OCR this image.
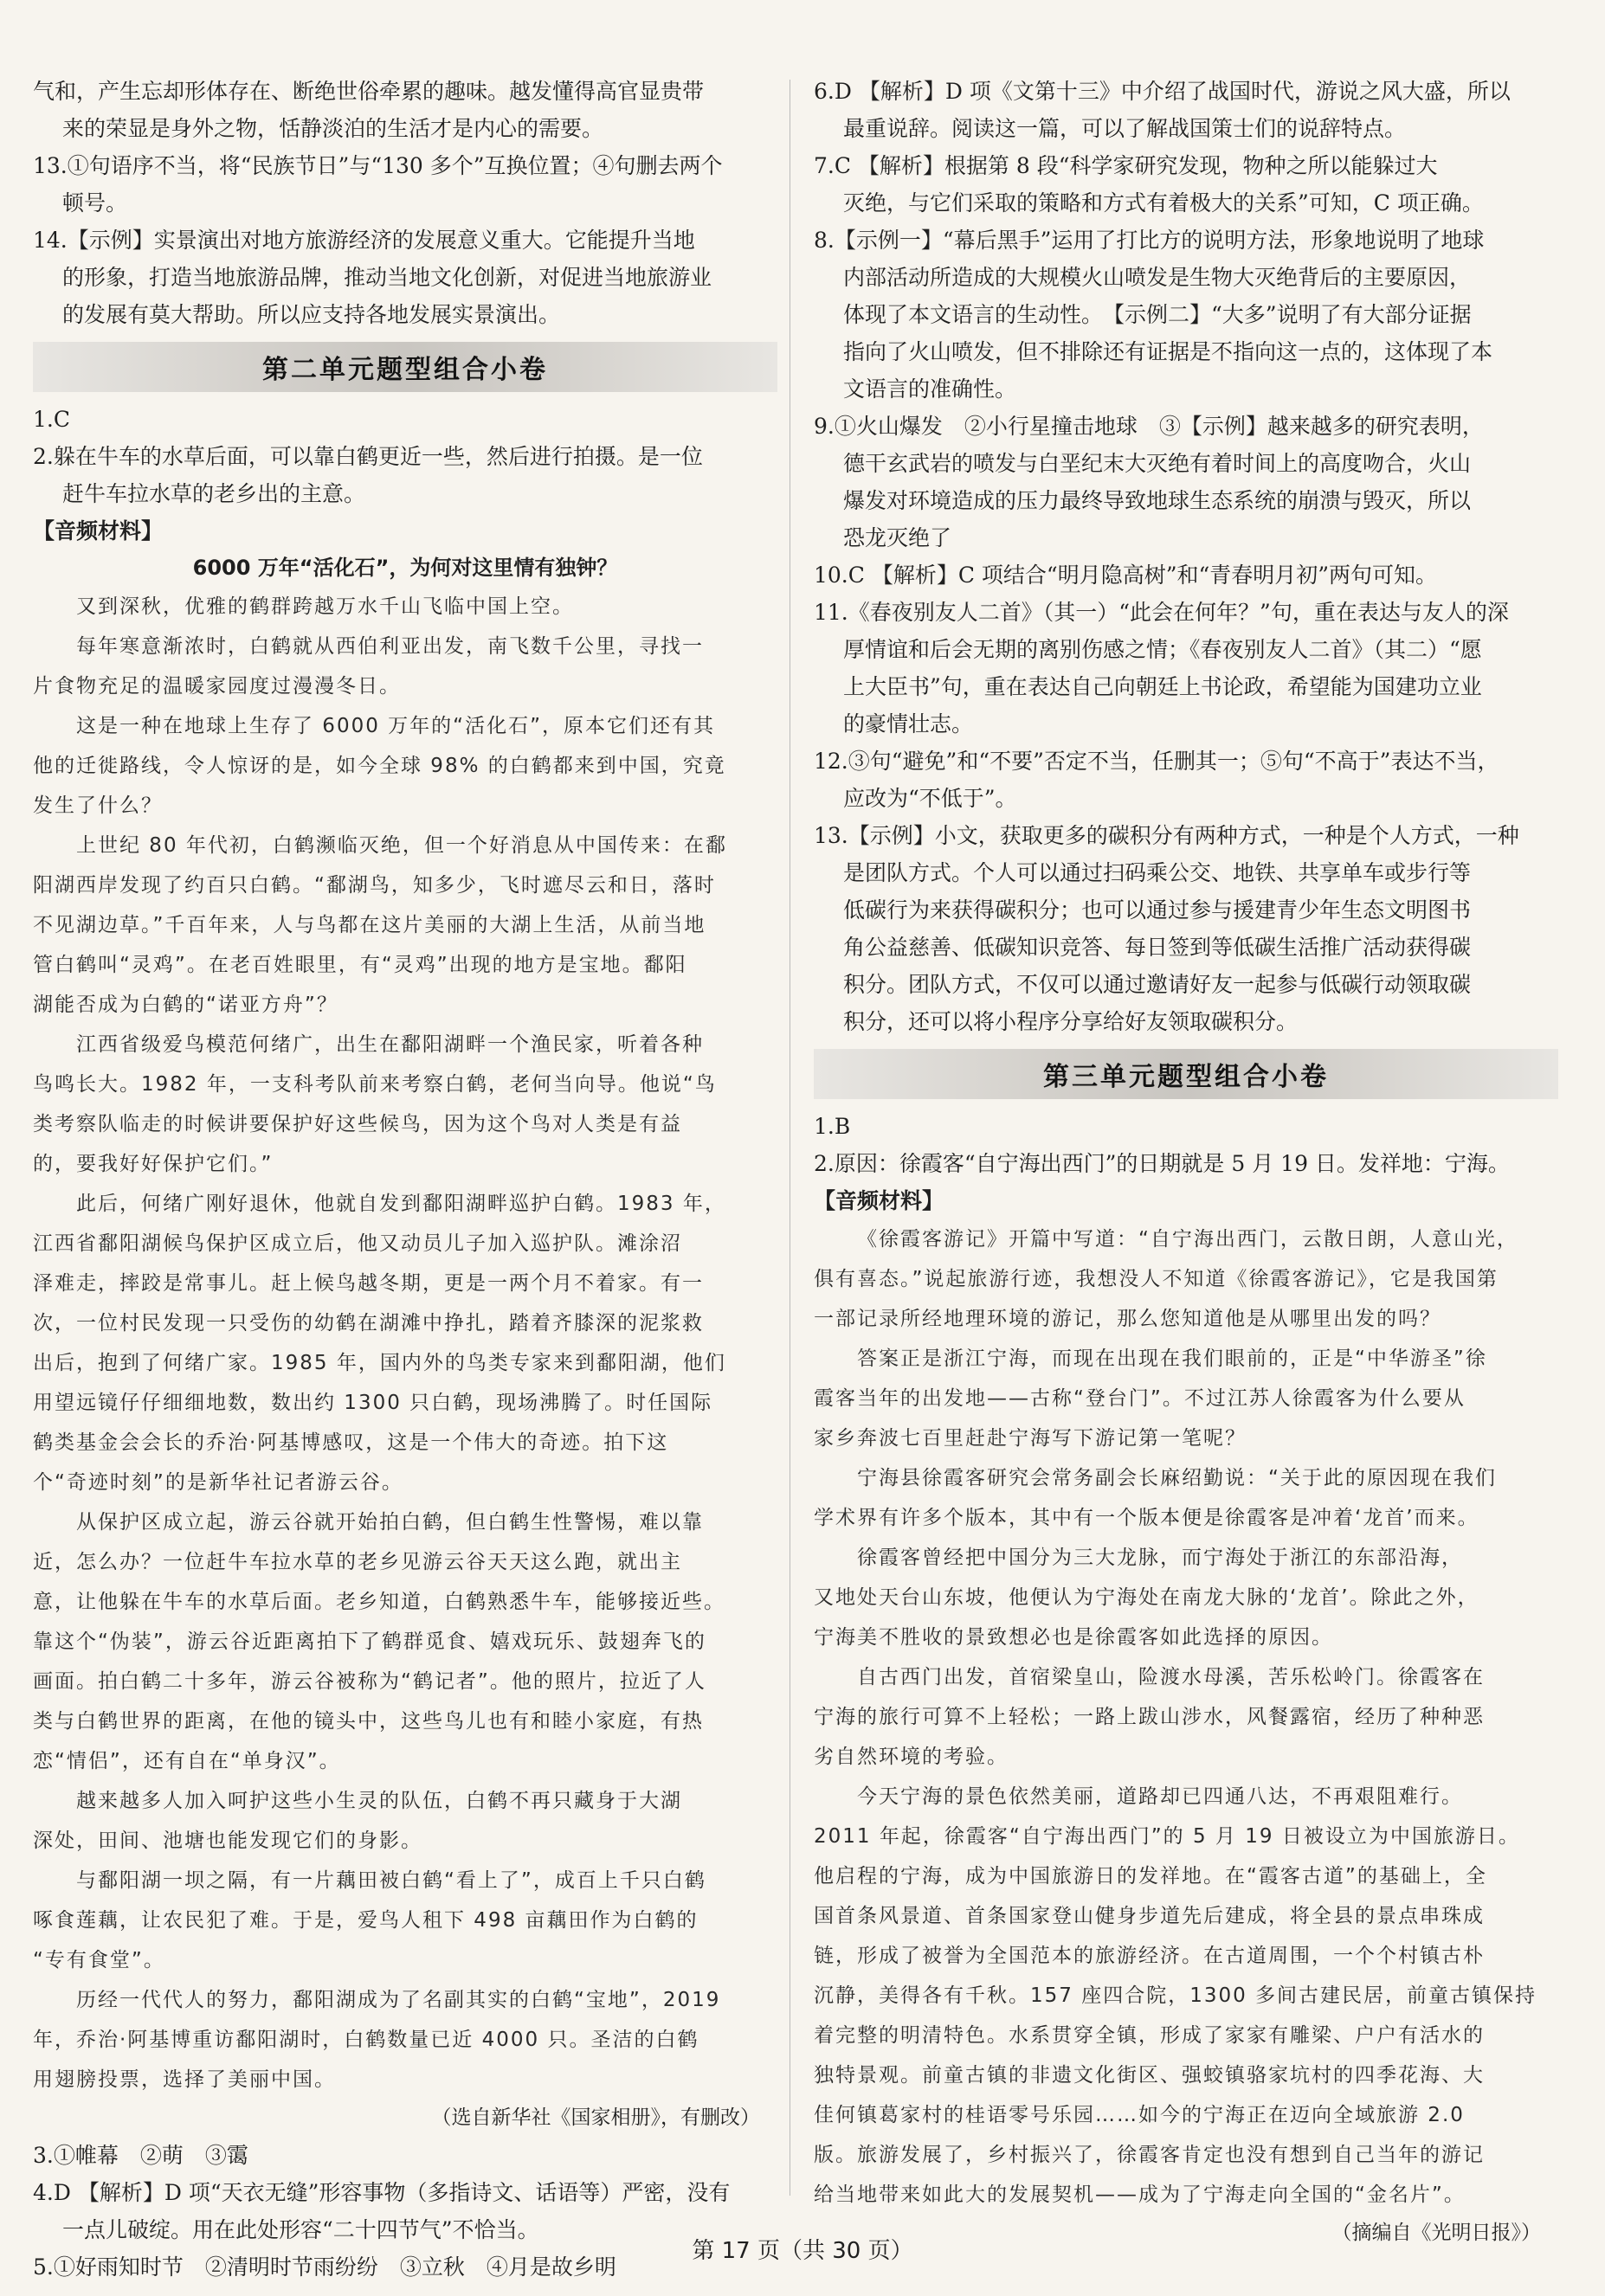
气和，产生忘却形体存在、断绝世俗牵累的趣味。越发懂得高官显贵带
来的荣显是身外之物，恬静淡泊的生活才是内心的需要。
13.①句语序不当，将“民族节日”与“130 多个”互换位置；④句删去两个
顿号。
14.【示例】实景演出对地方旅游经济的发展意义重大。它能提升当地
的形象，打造当地旅游品牌，推动当地文化创新，对促进当地旅游业
的发展有莫大帮助。所以应支持各地发展实景演出。
第二单元题型组合小卷
1.C
2.躲在牛车的水草后面，可以靠白鹤更近一些，然后进行拍摄。是一位
赶牛车拉水草的老乡出的主意。
【音频材料】
6000 万年“活化石”，为何对这里情有独钟？
又到深秋，优雅的鹤群跨越万水千山飞临中国上空。
每年寒意渐浓时，白鹤就从西伯利亚出发，南飞数千公里，寻找一
片食物充足的温暖家园度过漫漫冬日。
这是一种在地球上生存了 6000 万年的“活化石”，原本它们还有其
他的迁徙路线，令人惊讶的是，如今全球 98% 的白鹤都来到中国，究竟
发生了什么？
上世纪 80 年代初，白鹤濒临灭绝，但一个好消息从中国传来：在鄱
阳湖西岸发现了约百只白鹤。“鄱湖鸟，知多少，飞时遮尽云和日，落时
不见湖边草。”千百年来，人与鸟都在这片美丽的大湖上生活，从前当地
管白鹤叫“灵鸡”。在老百姓眼里，有“灵鸡”出现的地方是宝地。鄱阳
湖能否成为白鹤的“诺亚方舟”？
江西省级爱鸟模范何绪广，出生在鄱阳湖畔一个渔民家，听着各种
鸟鸣长大。1982 年，一支科考队前来考察白鹤，老何当向导。他说“鸟
类考察队临走的时候讲要保护好这些候鸟，因为这个鸟对人类是有益
的，要我好好保护它们。”
此后，何绪广刚好退休，他就自发到鄱阳湖畔巡护白鹤。1983 年，
江西省鄱阳湖候鸟保护区成立后，他又动员儿子加入巡护队。滩涂沼
泽难走，摔跤是常事儿。赶上候鸟越冬期，更是一两个月不着家。有一
次，一位村民发现一只受伤的幼鹤在湖滩中挣扎，踏着齐膝深的泥浆救
出后，抱到了何绪广家。1985 年，国内外的鸟类专家来到鄱阳湖，他们
用望远镜仔仔细细地数，数出约 1300 只白鹤，现场沸腾了。时任国际
鹤类基金会会长的乔治·阿基博感叹，这是一个伟大的奇迹。拍下这
个“奇迹时刻”的是新华社记者游云谷。
从保护区成立起，游云谷就开始拍白鹤，但白鹤生性警惕，难以靠
近，怎么办？一位赶牛车拉水草的老乡见游云谷天天这么跑，就出主
意，让他躲在牛车的水草后面。老乡知道，白鹤熟悉牛车，能够接近些。
靠这个“伪装”，游云谷近距离拍下了鹤群觅食、嬉戏玩乐、鼓翅奔飞的
画面。拍白鹤二十多年，游云谷被称为“鹤记者”。他的照片，拉近了人
类与白鹤世界的距离，在他的镜头中，这些鸟儿也有和睦小家庭，有热
恋“情侣”，还有自在“单身汉”。
越来越多人加入呵护这些小生灵的队伍，白鹤不再只藏身于大湖
深处，田间、池塘也能发现它们的身影。
与鄱阳湖一坝之隔，有一片藕田被白鹤“看上了”，成百上千只白鹤
啄食莲藕，让农民犯了难。于是，爱鸟人租下 498 亩藕田作为白鹤的
“专有食堂”。
历经一代代人的努力，鄱阳湖成为了名副其实的白鹤“宝地”，2019
年，乔治·阿基博重访鄱阳湖时，白鹤数量已近 4000 只。圣洁的白鹤
用翅膀投票，选择了美丽中国。
（选自新华社《国家相册》，有删改）
3.①帷幕　②萌　③霭
4.D 【解析】D 项“天衣无缝”形容事物（多指诗文、话语等）严密，没有
一点儿破绽。用在此处形容“二十四节气”不恰当。
5.①好雨知时节　②清明时节雨纷纷　③立秋　④月是故乡明
6.D 【解析】D 项《文第十三》中介绍了战国时代，游说之风大盛，所以
最重说辞。阅读这一篇，可以了解战国策士们的说辞特点。
7.C 【解析】根据第 8 段“科学家研究发现，物种之所以能躲过大
灭绝，与它们采取的策略和方式有着极大的关系”可知，C 项正确。
8.【示例一】“幕后黑手”运用了打比方的说明方法，形象地说明了地球
内部活动所造成的大规模火山喷发是生物大灭绝背后的主要原因，
体现了本文语言的生动性。　【示例二】“大多”说明了有大部分证据
指向了火山喷发，但不排除还有证据是不指向这一点的，这体现了本
文语言的准确性。
9.①火山爆发　②小行星撞击地球　③【示例】越来越多的研究表明，
德干玄武岩的喷发与白垩纪末大灭绝有着时间上的高度吻合，火山
爆发对环境造成的压力最终导致地球生态系统的崩溃与毁灭，所以
恐龙灭绝了
10.C 【解析】C 项结合“明月隐高树”和“青春明月初”两句可知。
11.《春夜别友人二首》（其一）“此会在何年？”句，重在表达与友人的深
厚情谊和后会无期的离别伤感之情；《春夜别友人二首》（其二）“愿
上大臣书”句，重在表达自己向朝廷上书论政，希望能为国建功立业
的豪情壮志。
12.③句“避免”和“不要”否定不当，任删其一；⑤句“不高于”表达不当，
应改为“不低于”。
13.【示例】小文，获取更多的碳积分有两种方式，一种是个人方式，一种
是团队方式。个人可以通过扫码乘公交、地铁、共享单车或步行等
低碳行为来获得碳积分；也可以通过参与援建青少年生态文明图书
角公益慈善、低碳知识竞答、每日签到等低碳生活推广活动获得碳
积分。团队方式，不仅可以通过邀请好友一起参与低碳行动领取碳
积分，还可以将小程序分享给好友领取碳积分。
第三单元题型组合小卷
1.B
2.原因：徐霞客“自宁海出西门”的日期就是 5 月 19 日。发祥地：宁海。
【音频材料】
《徐霞客游记》开篇中写道：“自宁海出西门，云散日朗，人意山光，
俱有喜态。”说起旅游行迹，我想没人不知道《徐霞客游记》，它是我国第
一部记录所经地理环境的游记，那么您知道他是从哪里出发的吗？
答案正是浙江宁海，而现在出现在我们眼前的，正是“中华游圣”徐
霞客当年的出发地——古称“登台门”。不过江苏人徐霞客为什么要从
家乡奔波七百里赶赴宁海写下游记第一笔呢？
宁海县徐霞客研究会常务副会长麻绍勤说：“关于此的原因现在我们
学术界有许多个版本，其中有一个版本便是徐霞客是冲着‘龙首’而来。
徐霞客曾经把中国分为三大龙脉，而宁海处于浙江的东部沿海，
又地处天台山东坡，他便认为宁海处在南龙大脉的‘龙首’。除此之外，
宁海美不胜收的景致想必也是徐霞客如此选择的原因。
自古西门出发，首宿梁皇山，险渡水母溪，苦乐松岭门。徐霞客在
宁海的旅行可算不上轻松；一路上跋山涉水，风餐露宿，经历了种种恶
劣自然环境的考验。
今天宁海的景色依然美丽，道路却已四通八达，不再艰阻难行。
2011 年起，徐霞客“自宁海出西门”的 5 月 19 日被设立为中国旅游日。
他启程的宁海，成为中国旅游日的发祥地。在“霞客古道”的基础上，全
国首条风景道、首条国家登山健身步道先后建成，将全县的景点串珠成
链，形成了被誉为全国范本的旅游经济。在古道周围，一个个村镇古朴
沉静，美得各有千秋。157 座四合院，1300 多间古建民居，前童古镇保持
着完整的明清特色。水系贯穿全镇，形成了家家有雕梁、户户有活水的
独特景观。前童古镇的非遗文化街区、强蛟镇骆家坑村的四季花海、大
佳何镇葛家村的桂语零号乐园……如今的宁海正在迈向全域旅游 2.0
版。旅游发展了，乡村振兴了，徐霞客肯定也没有想到自己当年的游记
给当地带来如此大的发展契机——成为了宁海走向全国的“金名片”。
（摘编自《光明日报》）
第 17 页（共 30 页）
